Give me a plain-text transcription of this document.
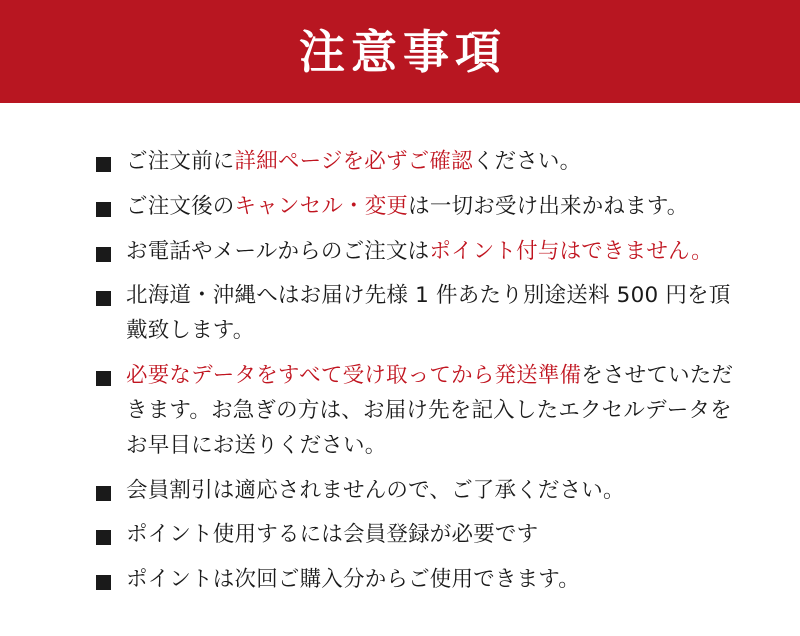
注意事項
ご注文前に詳細ページを必ずご確認ください。
ご注文後のキャンセル・変更は一切お受け出来かねます。
お電話やメールからのご注文はポイント付与はできません。
北海道・沖縄へはお届け先様 1 件あたり別途送料 500 円を頂戴致します。
必要なデータをすべて受け取ってから発送準備をさせていただきます。お急ぎの方は、お届け先を記入したエクセルデータをお早目にお送りください。
会員割引は適応されませんので、ご了承ください。
ポイント使用するには会員登録が必要です
ポイントは次回ご購入分からご使用できます。
